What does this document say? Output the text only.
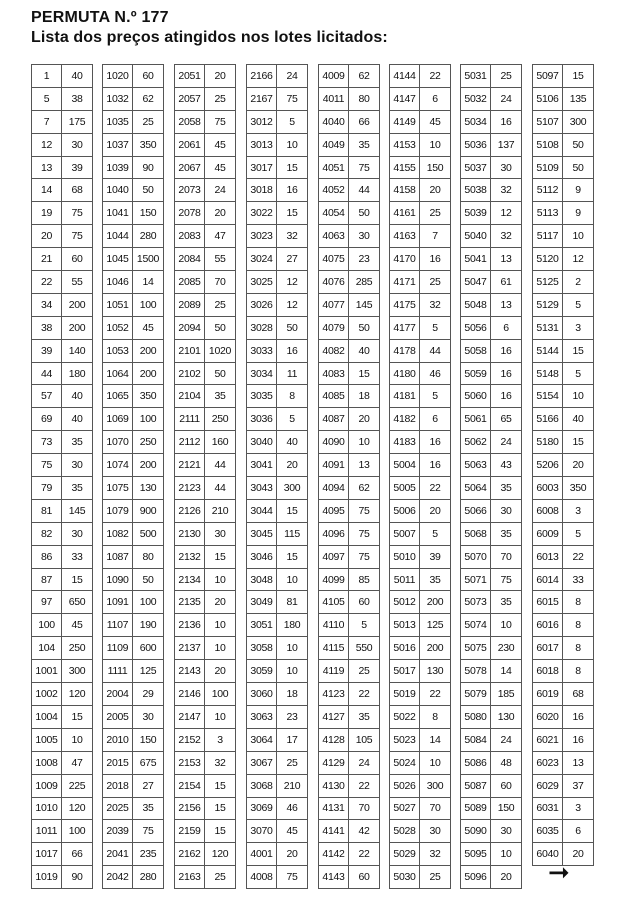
PERMUTA N.º 177
Lista dos preços atingidos nos lotes licitados:
1	40
5	38
7	175
12	30
13	39
14	68
19	75
20	75
21	60
22	55
34	200
38	200
39	140
44	180
57	40
69	40
73	35
75	30
79	35
81	145
82	30
86	33
87	15
97	650
100	45
104	250
1001	300
1002	120
1004	15
1005	10
1008	47
1009	225
1010	120
1011	100
1017	66
1019	90
1020	60
1032	62
1035	25
1037	350
1039	90
1040	50
1041	150
1044	280
1045 1500
1046	14
1051	100
1052	45
1053	200
1064	200
1065	350
1069	100
1070	250
1074	200
1075	130
1079	900
1082	500
1087	80
1090	50
1091	100
1107	190
1109	600
1111	125
2004	29
2005	30
2010	150
2015	675
2018	27
2025	35
2039	75
2041	235
2042	280
2051	20
2057	25
2058	75
2061	45
2067	45
2073	24
2078	20
2083	47
2084	55
2085	70
2089	25
2094	50
2101 1020
2102	50
2104	35
2111	250
2112	160
2121	44
2123	44
2126	210
2130	30
2132	15
2134	10
2135	20
2136	10
2137	10
2143	20
2146	100
2147	10
2152	3
2153	32
2154	15
2156	15
2159	15
2162	120
2163	25
2166	24
2167	75
3012	5
3013	10
3017	15
3018	16
3022	15
3023	32
3024	27
3025	12
3026	12
3028	50
3033	16
3034	11
3035	8
3036	5
3040	40
3041	20
3043	300
3044	15
3045	115
3046	15
3048	10
3049	81
3051	180
3058	10
3059	10
3060	18
3063	23
3064	17
3067	25
3068	210
3069	46
3070	45
4001	20
4008	75
4009	62
4011	80
4040	66
4049	35
4051	75
4052	44
4054	50
4063	30
4075	23
4076	285
4077	145
4079	50
4082	40
4083	15
4085	18
4087	20
4090	10
4091	13
4094	62
4095	75
4096	75
4097	75
4099	85
4105	60
4110	5
4115	550
4119	25
4123	22
4127	35
4128	105
4129	24
4130	22
4131	70
4141	42
4142	22
4143	60
4144	22
4147	6
4149	45
4153	10
4155	150
4158	20
4161	25
4163	7
4170	16
4171	25
4175	32
4177	5
4178	44
4180	46
4181	5
4182	6
4183	16
5004	16
5005	22
5006	20
5007	5
5010	39
5011	35
5012	200
5013	125
5016	200
5017	130
5019	22
5022	8
5023	14
5024	10
5026	300
5027	70
5028	30
5029	32
5030	25
5031	25
5032	24
5034	16
5036	137
5037	30
5038	32
5039	12
5040	32
5041	13
5047	61
5048	13
5056	6
5058	16
5059	16
5060	16
5061	65
5062	24
5063	43
5064	35
5066	30
5068	35
5070	70
5071	75
5073	35
5074	10
5075	230
5078	14
5079	185
5080	130
5084	24
5086	48
5087	60
5089	150
5090	30
5095	10
5096	20
5097	15
5106	135
5107	300
5108	50
5109	50
5112	9
5113	9
5117	10
5120	12
5125	2
5129	5
5131	3
5144	15
5148	5
5154	10
5166	40
5180	15
5206	20
6003	350
6008	3
6009	5
6013	22
6014	33
6015	8
6016	8
6017	8
6018	8
6019	68
6020	16
6021	16
6023	13
6029	37
6031	3
6035	6
6040	20
➞
